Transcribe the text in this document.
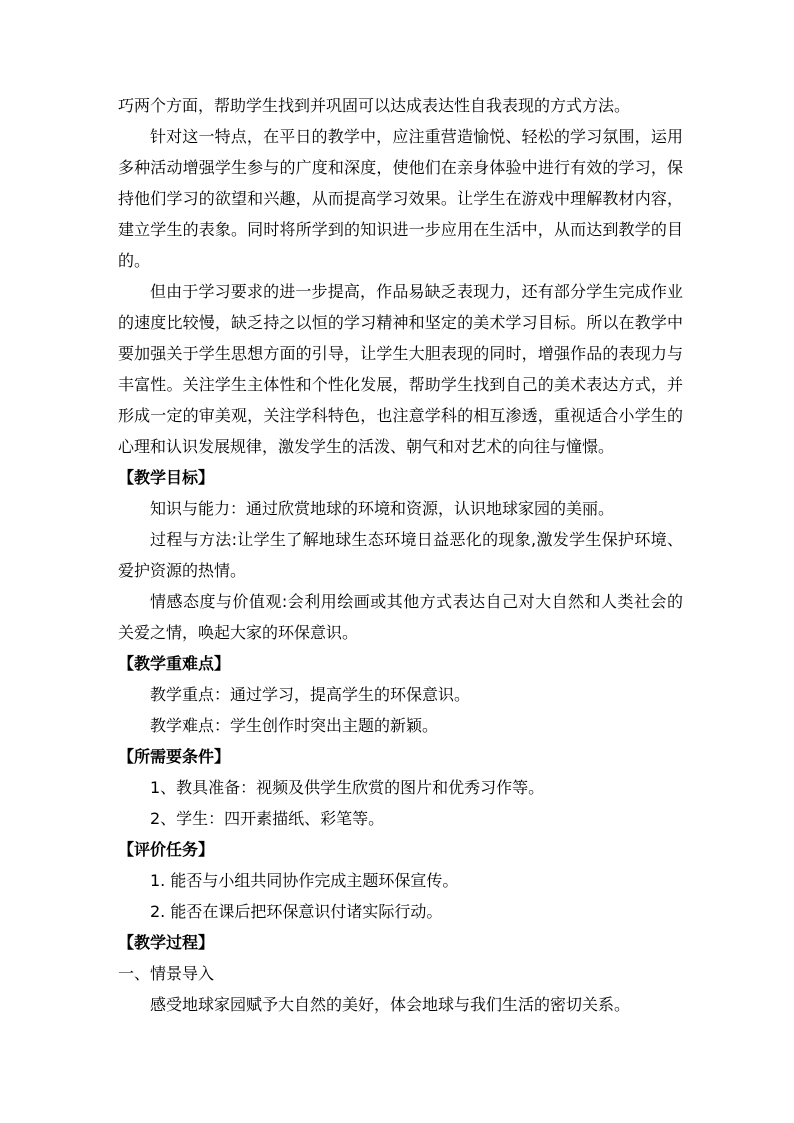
巧两个方面，帮助学生找到并巩固可以达成表达性自我表现的方式方法。

针对这一特点，在平日的教学中，应注重营造愉悦、轻松的学习氛围，运用多种活动增强学生参与的广度和深度，使他们在亲身体验中进行有效的学习，保持他们学习的欲望和兴趣，从而提高学习效果。让学生在游戏中理解教材内容，建立学生的表象。同时将所学到的知识进一步应用在生活中，从而达到教学的目的。

但由于学习要求的进一步提高，作品易缺乏表现力，还有部分学生完成作业的速度比较慢，缺乏持之以恒的学习精神和坚定的美术学习目标。所以在教学中要加强关于学生思想方面的引导，让学生大胆表现的同时，增强作品的表现力与丰富性。关注学生主体性和个性化发展，帮助学生找到自己的美术表达方式，并形成一定的审美观，关注学科特色，也注意学科的相互渗透，重视适合小学生的心理和认识发展规律，激发学生的活泼、朝气和对艺术的向往与憧憬。

【教学目标】

知识与能力：通过欣赏地球的环境和资源，认识地球家园的美丽。

过程与方法:让学生了解地球生态环境日益恶化的现象,激发学生保护环境、爱护资源的热情。

情感态度与价值观:会利用绘画或其他方式表达自己对大自然和人类社会的关爱之情，唤起大家的环保意识。

【教学重难点】

教学重点：通过学习，提高学生的环保意识。

教学难点：学生创作时突出主题的新颖。

【所需要条件】

1、教具准备：视频及供学生欣赏的图片和优秀习作等。

2、学生：四开素描纸、彩笔等。

【评价任务】

1. 能否与小组共同协作完成主题环保宣传。

2. 能否在课后把环保意识付诸实际行动。

【教学过程】

一、情景导入

感受地球家园赋予大自然的美好，体会地球与我们生活的密切关系。
